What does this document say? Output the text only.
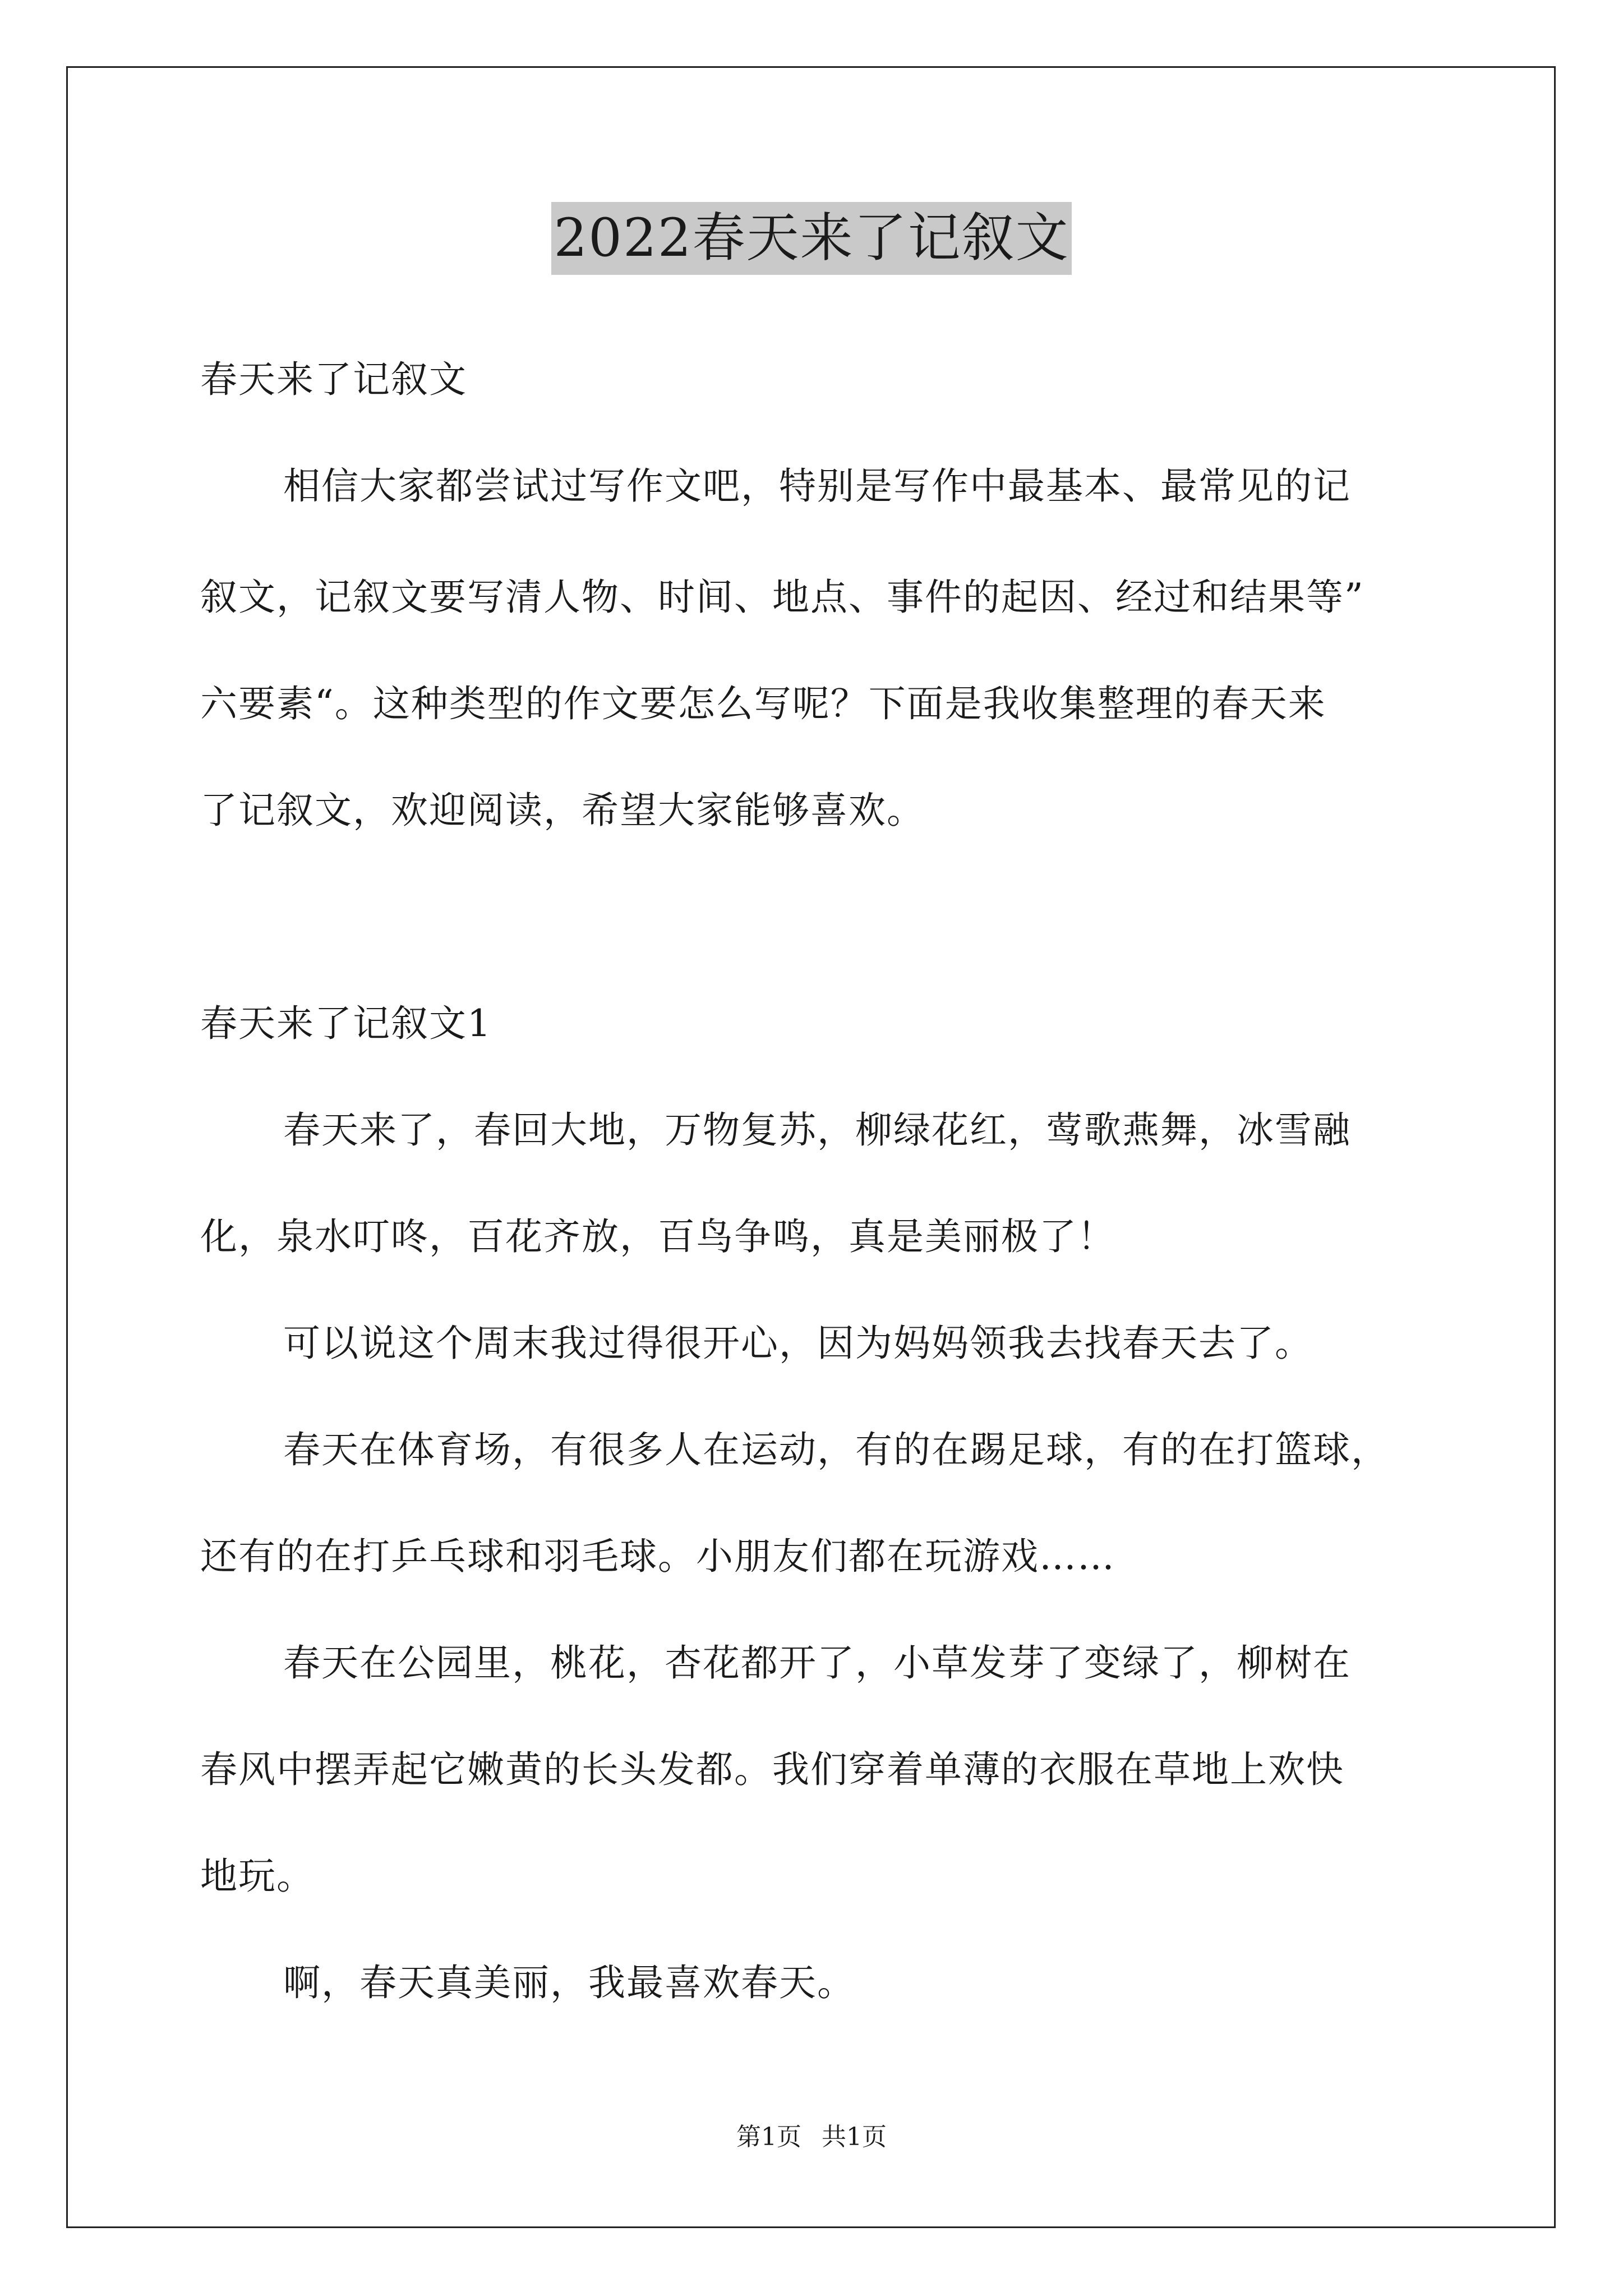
2022春天来了记叙文
春天来了记叙文
相信大家都尝试过写作文吧，特别是写作中最基本、最常见的记
叙文，记叙文要写清人物、时间、地点、事件的起因、经过和结果等”
六要素“。这种类型的作文要怎么写呢？下面是我收集整理的春天来
了记叙文，欢迎阅读，希望大家能够喜欢。
春天来了记叙文1
春天来了，春回大地，万物复苏，柳绿花红，莺歌燕舞，冰雪融
化，泉水叮咚，百花齐放，百鸟争鸣，真是美丽极了！
可以说这个周末我过得很开心，因为妈妈领我去找春天去了。
春天在体育场，有很多人在运动，有的在踢足球，有的在打篮球，
还有的在打乒乓球和羽毛球。小朋友们都在玩游戏……
春天在公园里，桃花，杏花都开了，小草发芽了变绿了，柳树在
春风中摆弄起它嫩黄的长头发都。我们穿着单薄的衣服在草地上欢快
地玩。
啊，春天真美丽，我最喜欢春天。
第1页 共1页
